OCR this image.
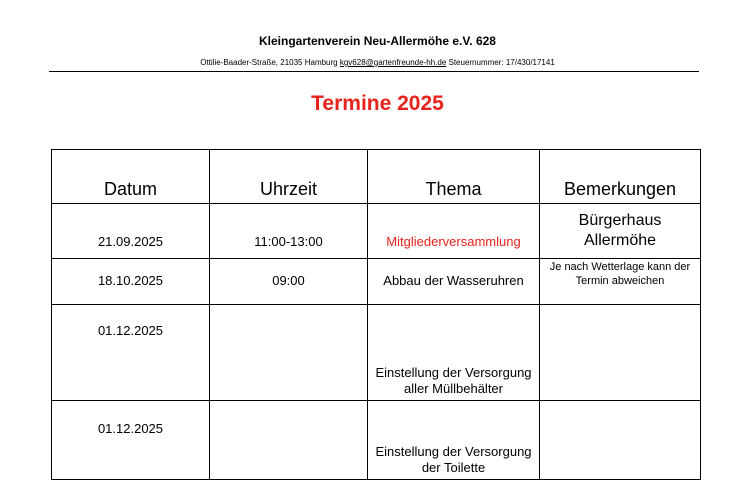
Kleingartenverein Neu-Allermöhe e.V. 628
Ottilie-Baader-Straße, 21035 Hamburg kgv628@gartenfreunde-hh.de Steuernummer: 17/430/17141
Termine 2025
Datum	Uhrzeit	Thema	Bemerkungen
21.09.2025	11:00-13:00	Mitgliederversammlung	Bürgerhaus Allermöhe
18.10.2025	09:00	Abbau der Wasseruhren	Je nach Wetterlage kann der Termin abweichen
01.12.2025		Einstellung der Versorgung aller Müllbehälter	
01.12.2025		Einstellung der Versorgung der Toilette	
